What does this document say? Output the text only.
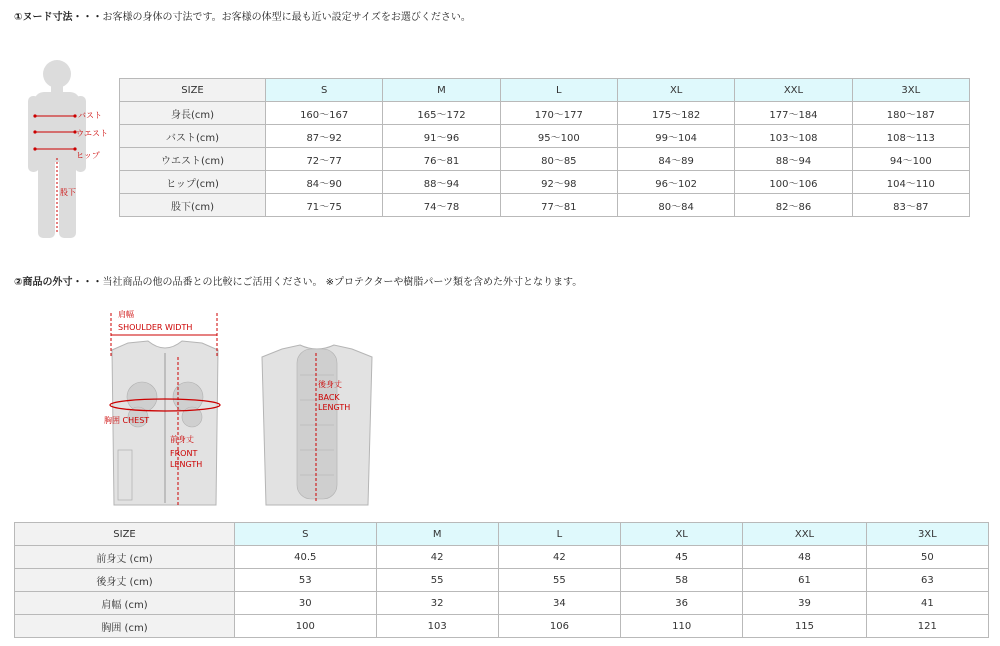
①ヌード寸法・・・お客様の身体の寸法です。お客様の体型に最も近い設定サイズをお選びください。
バスト
ウエスト
ヒップ
股下
SIZE	S	M	L	XL	XXL	3XL
身長(cm)	160～167	165～172	170～177	175～182	177～184	180～187
バスト(cm)	87～92	91～96	95～100	99～104	103～108	108～113
ウエスト(cm)	72～77	76～81	80～85	84～89	88～94	94～100
ヒップ(cm)	84～90	88～94	92～98	96～102	100～106	104～110
股下(cm)	71～75	74～78	77～81	80～84	82～86	83～87
②商品の外寸・・・当社商品の他の品番との比較にご活用ください。 ※プロテクターや樹脂パーツ類を含めた外寸となります。
肩幅
SHOULDER WIDTH
胸囲 CHEST
前身丈
FRONT
LENGTH
後身丈
BACK
LENGTH
SIZE	S	M	L	XL	XXL	3XL
前身丈 (cm)	40.5	42	42	45	48	50
後身丈 (cm)	53	55	55	58	61	63
肩幅 (cm)	30	32	34	36	39	41
胸囲 (cm)	100	103	106	110	115	121
